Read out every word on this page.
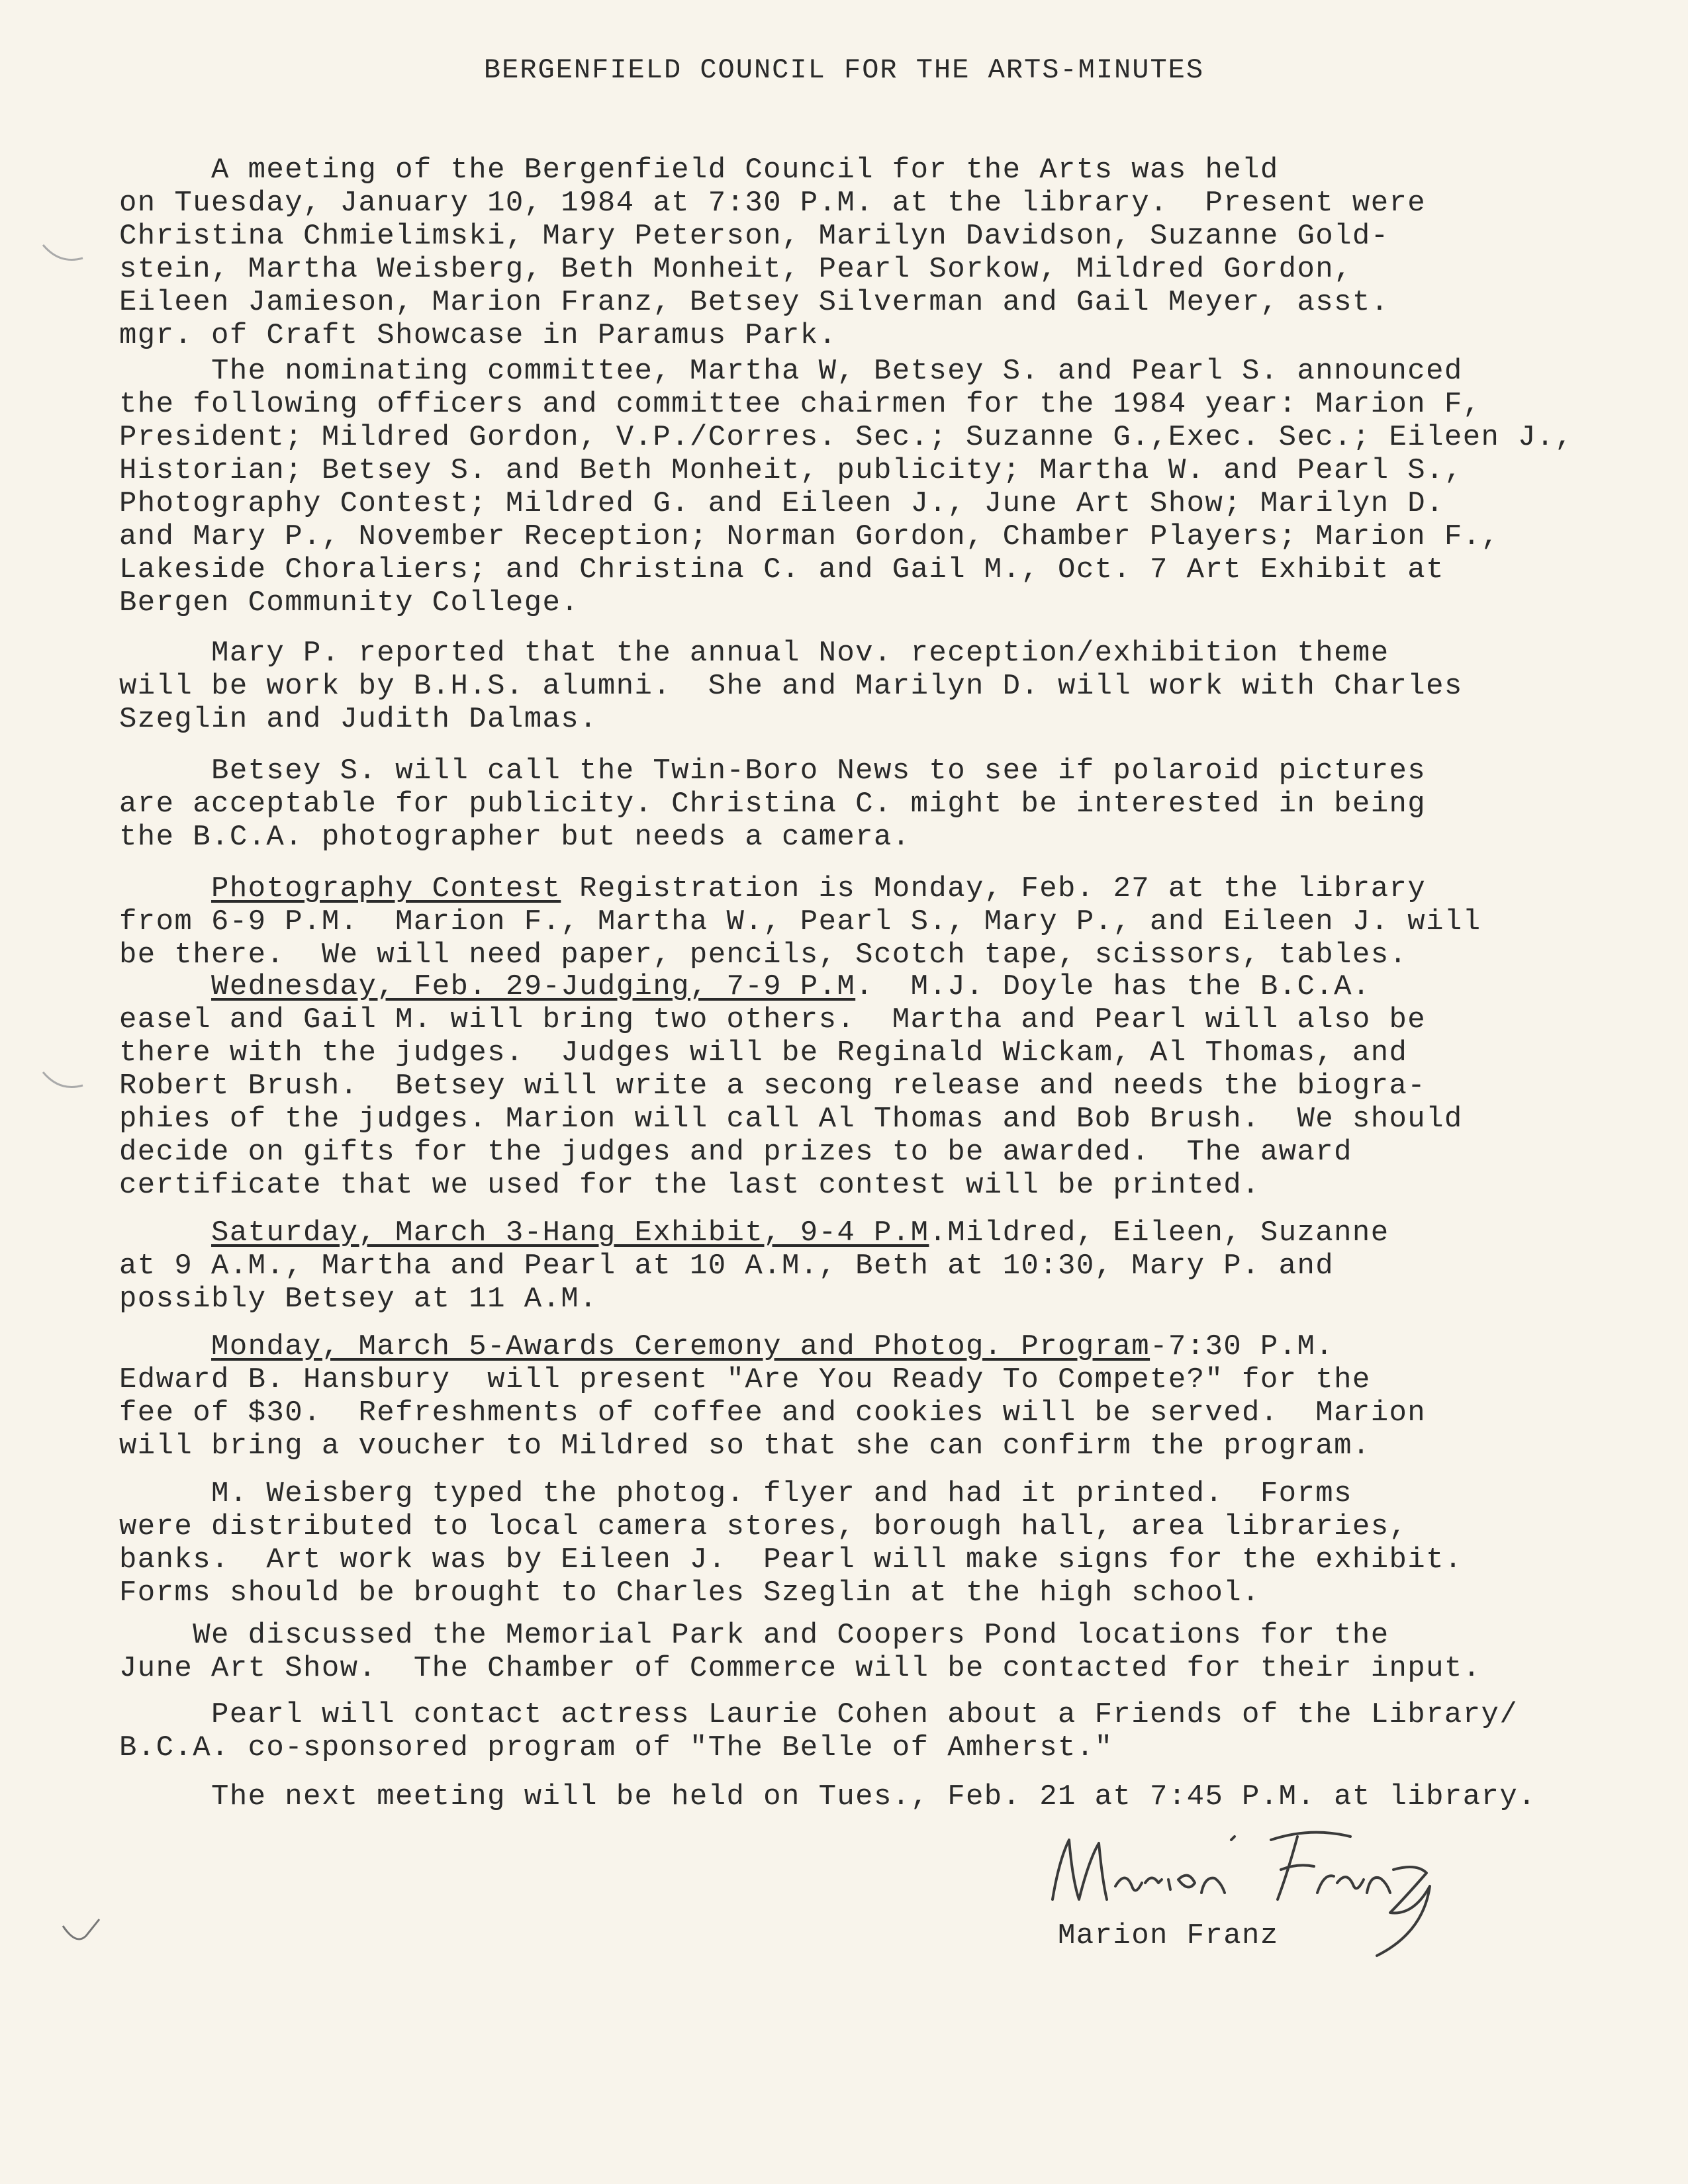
BERGENFIELD COUNCIL FOR THE ARTS-MINUTES
A meeting of the Bergenfield Council for the Arts was held
on Tuesday, January 10, 1984 at 7:30 P.M. at the library.  Present were
Christina Chmielimski, Mary Peterson, Marilyn Davidson, Suzanne Gold-
stein, Martha Weisberg, Beth Monheit, Pearl Sorkow, Mildred Gordon,
Eileen Jamieson, Marion Franz, Betsey Silverman and Gail Meyer, asst.
mgr. of Craft Showcase in Paramus Park.
The nominating committee, Martha W, Betsey S. and Pearl S. announced
the following officers and committee chairmen for the 1984 year: Marion F,
President; Mildred Gordon, V.P./Corres. Sec.; Suzanne G.,Exec. Sec.; Eileen J.,
Historian; Betsey S. and Beth Monheit, publicity; Martha W. and Pearl S.,
Photography Contest; Mildred G. and Eileen J., June Art Show; Marilyn D.
and Mary P., November Reception; Norman Gordon, Chamber Players; Marion F.,
Lakeside Choraliers; and Christina C. and Gail M., Oct. 7 Art Exhibit at
Bergen Community College.
Mary P. reported that the annual Nov. reception/exhibition theme
will be work by B.H.S. alumni.  She and Marilyn D. will work with Charles
Szeglin and Judith Dalmas.
Betsey S. will call the Twin-Boro News to see if polaroid pictures
are acceptable for publicity. Christina C. might be interested in being
the B.C.A. photographer but needs a camera.
Photography Contest Registration is Monday, Feb. 27 at the library
from 6-9 P.M.  Marion F., Martha W., Pearl S., Mary P., and Eileen J. will
be there.  We will need paper, pencils, Scotch tape, scissors, tables.
Wednesday, Feb. 29-Judging, 7-9 P.M.  M.J. Doyle has the B.C.A.
easel and Gail M. will bring two others.  Martha and Pearl will also be
there with the judges.  Judges will be Reginald Wickam, Al Thomas, and
Robert Brush.  Betsey will write a secong release and needs the biogra-
phies of the judges. Marion will call Al Thomas and Bob Brush.  We should
decide on gifts for the judges and prizes to be awarded.  The award
certificate that we used for the last contest will be printed.
Saturday, March 3-Hang Exhibit, 9-4 P.M.Mildred, Eileen, Suzanne
at 9 A.M., Martha and Pearl at 10 A.M., Beth at 10:30, Mary P. and
possibly Betsey at 11 A.M.
Monday, March 5-Awards Ceremony and Photog. Program-7:30 P.M.
Edward B. Hansbury  will present "Are You Ready To Compete?" for the
fee of $30.  Refreshments of coffee and cookies will be served.  Marion
will bring a voucher to Mildred so that she can confirm the program.
M. Weisberg typed the photog. flyer and had it printed.  Forms
were distributed to local camera stores, borough hall, area libraries,
banks.  Art work was by Eileen J.  Pearl will make signs for the exhibit.
Forms should be brought to Charles Szeglin at the high school.
We discussed the Memorial Park and Coopers Pond locations for the
June Art Show.  The Chamber of Commerce will be contacted for their input.
Pearl will contact actress Laurie Cohen about a Friends of the Library/
B.C.A. co-sponsored program of "The Belle of Amherst."
The next meeting will be held on Tues., Feb. 21 at 7:45 P.M. at library.
Marion Franz
